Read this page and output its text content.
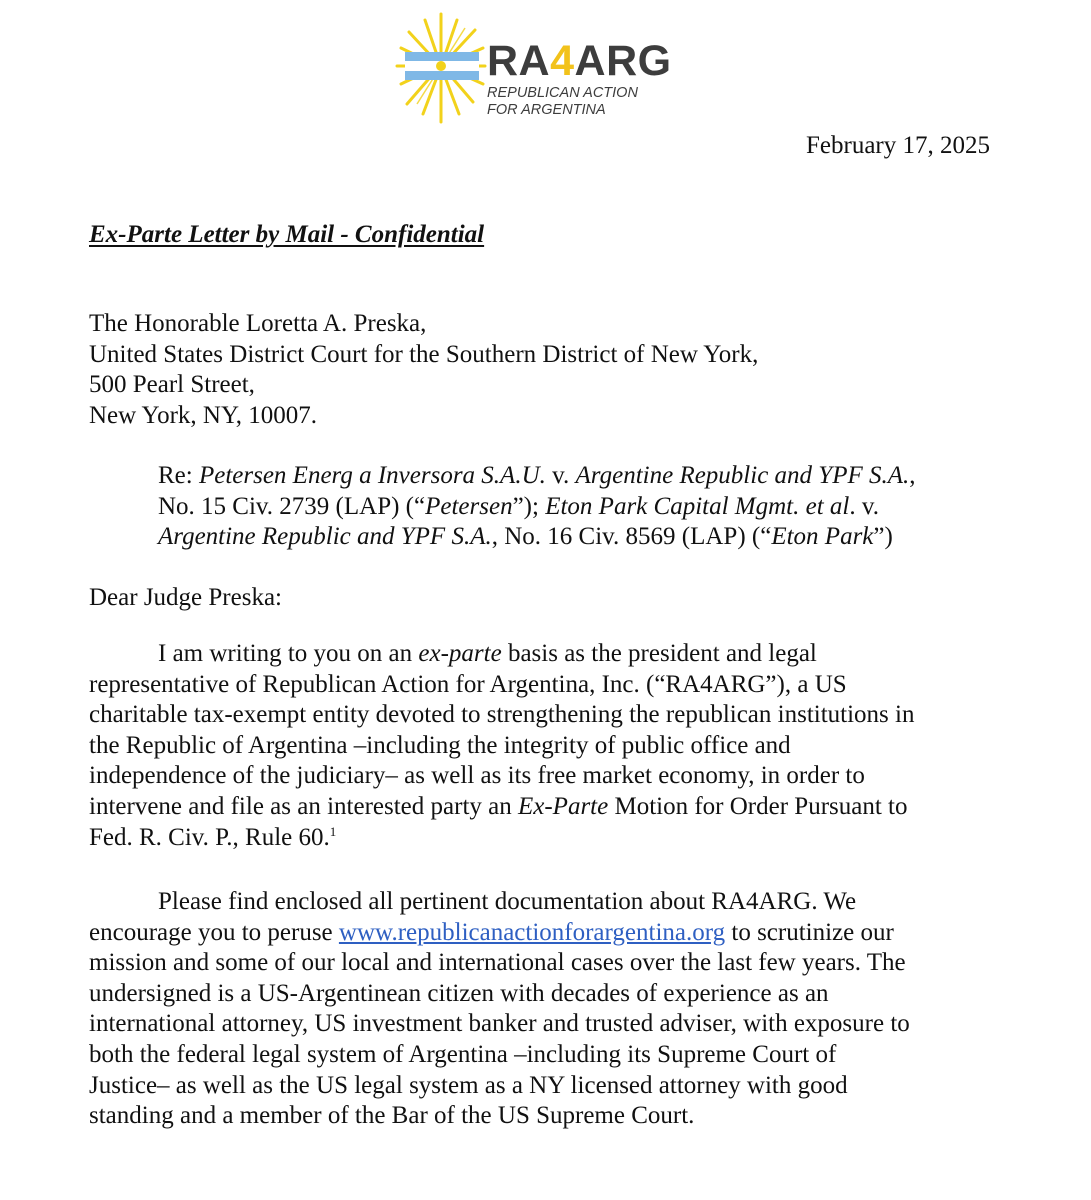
RA4ARG
REPUBLICAN ACTION
FOR ARGENTINA
February 17, 2025
Ex-Parte Letter by Mail - Confidential
The Honorable Loretta A. Preska,
United States District Court for the Southern District of New York,
500 Pearl Street,
New York, NY, 10007.
Re: Petersen Energ a Inversora S.A.U. v. Argentine Republic and YPF S.A.,
No. 15 Civ. 2739 (LAP) (“Petersen”); Eton Park Capital Mgmt. et al. v.
Argentine Republic and YPF S.A., No. 16 Civ. 8569 (LAP) (“Eton Park”)
Dear Judge Preska:
I am writing to you on an ex-parte basis as the president and legal
representative of Republican Action for Argentina, Inc. (“RA4ARG”), a US
charitable tax-exempt entity devoted to strengthening the republican institutions in
the Republic of Argentina –including the integrity of public office and
independence of the judiciary– as well as its free market economy, in order to
intervene and file as an interested party an Ex-Parte Motion for Order Pursuant to
Fed. R. Civ. P., Rule 60.$^1$
Please find enclosed all pertinent documentation about RA4ARG. We
encourage you to peruse www.republicanactionforargentina.org to scrutinize our
mission and some of our local and international cases over the last few years. The
undersigned is a US-Argentinean citizen with decades of experience as an
international attorney, US investment banker and trusted adviser, with exposure to
both the federal legal system of Argentina –including its Supreme Court of
Justice– as well as the US legal system as a NY licensed attorney with good
standing and a member of the Bar of the US Supreme Court.
